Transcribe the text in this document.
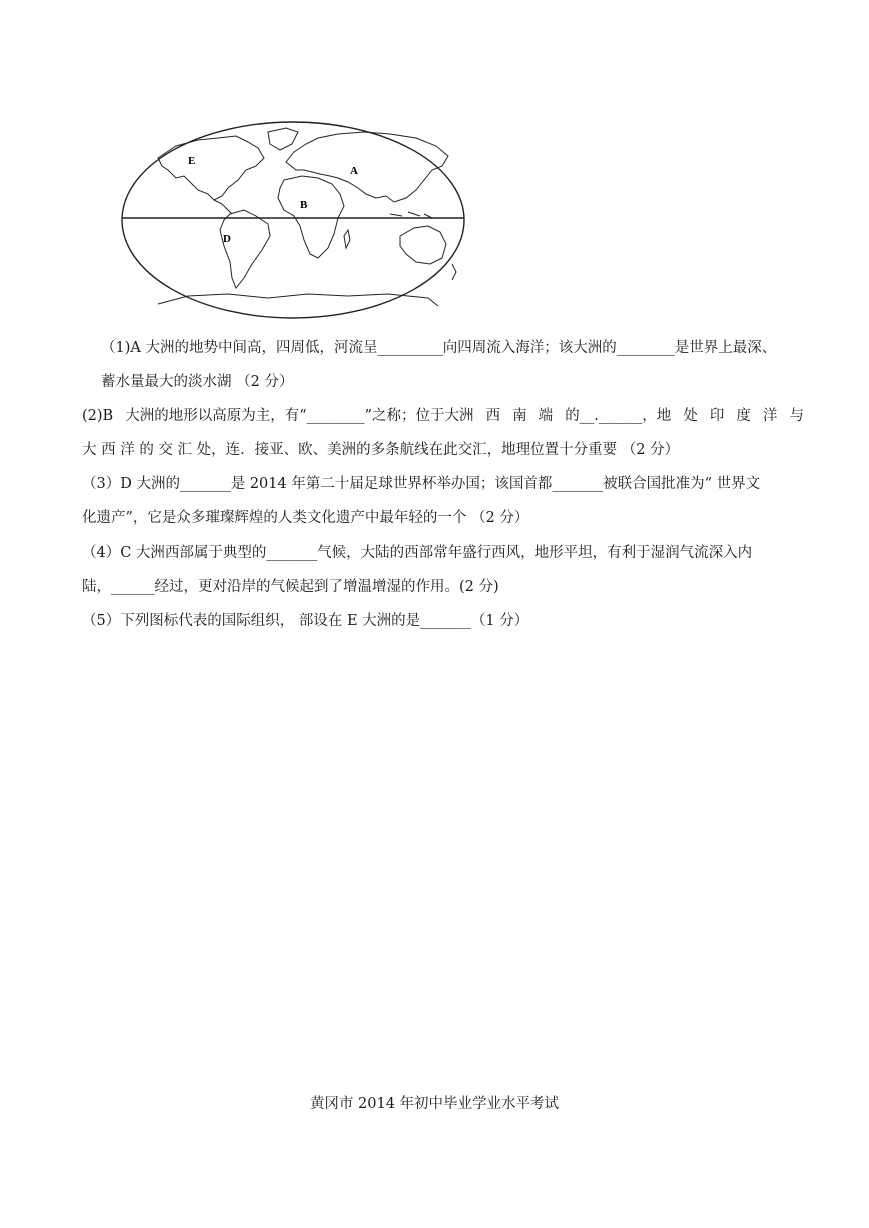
E
A
B
D
（1)A 大洲的地势中间高，四周低，河流呈_________向四周流入海洋；该大洲的________是世界上最深、
蓄水量最大的淡水湖 （2 分）
(2)B 大洲的地形以高原为主，有“________”之称；位于大洲 西 南 端 的__.______，地 处 印 度 洋 与
大 西 洋 的 交 汇 处，连．接亚、欧、美洲的多条航线在此交汇，地理位置十分重要 （2 分）
（3）D 大洲的_______是 2014 年第二十届足球世界杯举办国；该国首都_______被联合国批准为“ 世界文
化遗产”，它是众多璀璨辉煌的人类文化遗产中最年轻的一个 （2 分）
（4）C 大洲西部属于典型的_______气候，大陆的西部常年盛行西风，地形平坦，有利于湿润气流深入内
陆，______经过，更对沿岸的气候起到了增温增湿的作用。(2 分)
（5）下列图标代表的国际组织， 部设在 E 大洲的是_______（1 分）
黄冈市 2014 年初中毕业学业水平考试
